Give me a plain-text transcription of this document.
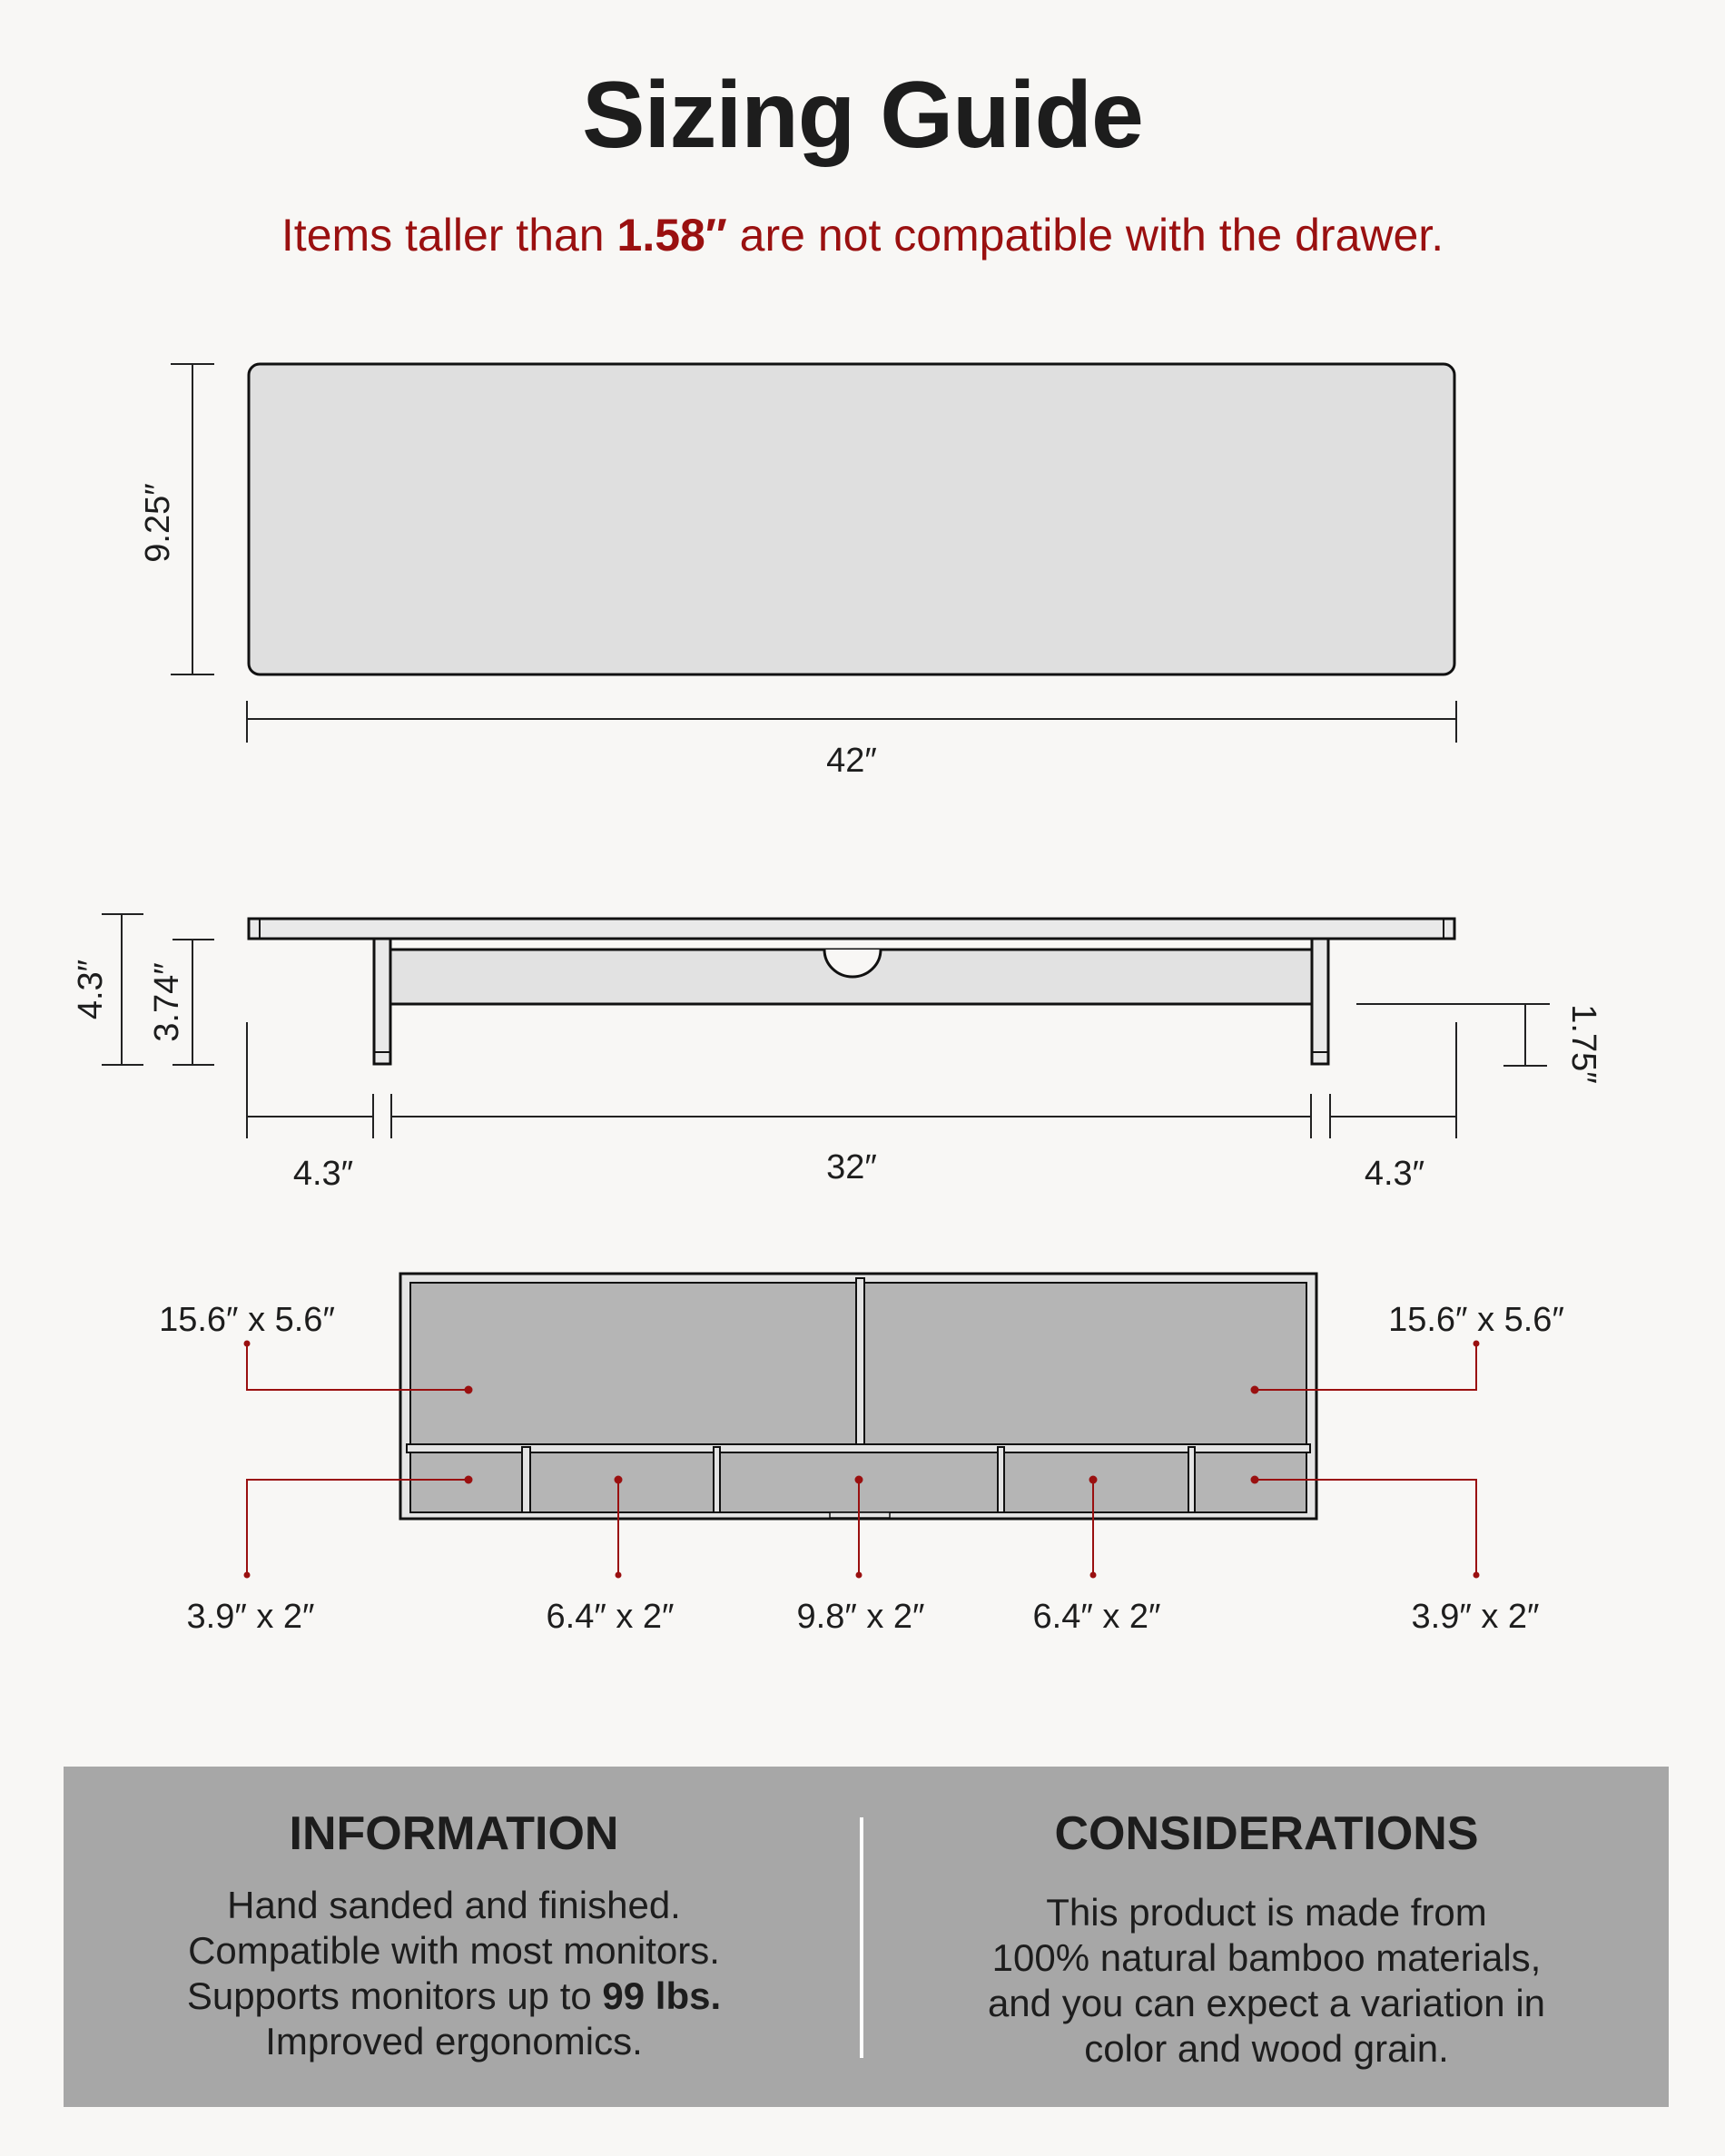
Sizing Guide
Items taller than 1.58″ are not compatible with the drawer.
9.25″
42″
4.3″ 3.74″
1.75″
4.3″	32″	4.3″
15.6″ x 5.6″	15.6″ x 5.6″
3.9″ x 2″	6.4″ x 2″	9.8″ x 2″	6.4″ x 2″	3.9″ x 2″
INFORMATION
Hand sanded and finished.
Compatible with most monitors.
Supports monitors up to 99 lbs.
Improved ergonomics.
CONSIDERATIONS
This product is made from
100% natural bamboo materials,
and you can expect a variation in
color and wood grain.
